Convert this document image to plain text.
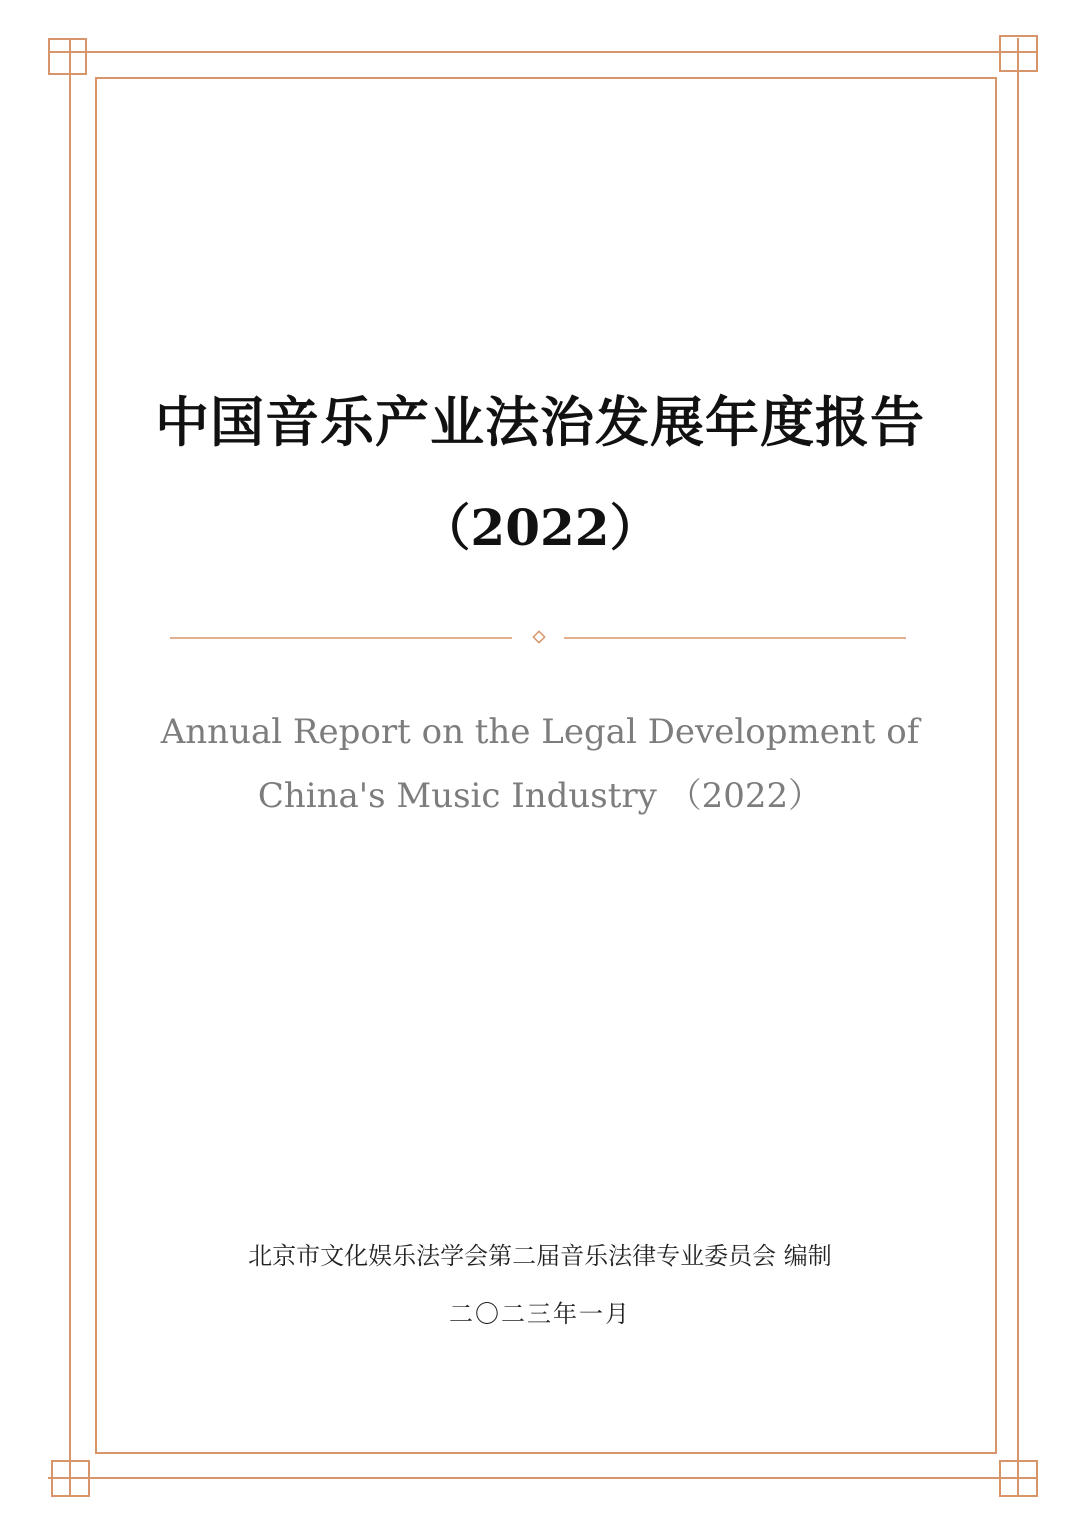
中国音乐产业法治发展年度报告
（2022）
Annual Report on the Legal Development of
China's Music Industry （2022）
北京市文化娱乐法学会第二届音乐法律专业委员会 编制
二〇二三年一月
